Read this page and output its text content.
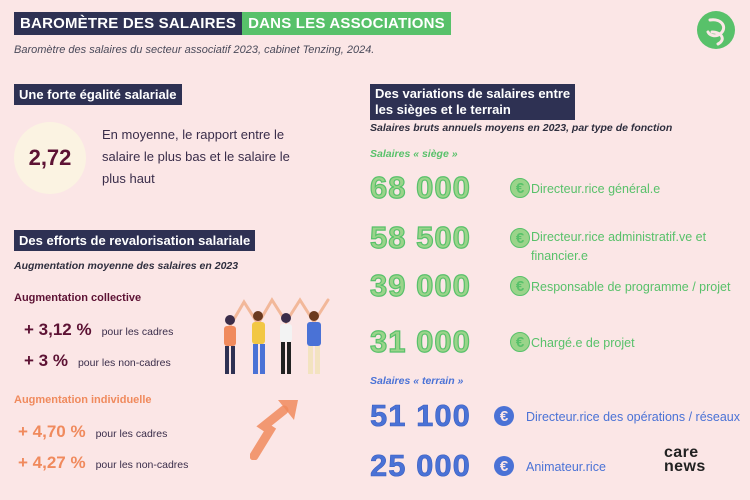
BAROMÈTRE DES SALAIRES DANS LES ASSOCIATIONS
Baromètre des salaires du secteur associatif 2023, cabinet Tenzing, 2024.
Une forte égalité salariale
2,72
En moyenne, le rapport entre le salaire le plus bas et le salaire le plus haut
Des efforts de revalorisation salariale
Augmentation moyenne des salaires en 2023
Augmentation collective
+ 3,12 % pour les cadres
+ 3 % pour les non-cadres
Augmentation individuelle
+ 4,70 % pour les cadres
+ 4,27 % pour les non-cadres
Des variations de salaires entre
les sièges et le terrain
Salaires bruts annuels moyens en 2023, par type de fonction
Salaires « siège »
68 000	€ Directeur.rice général.e
58 500	€ Directeur.rice administratif.ve et financier.e
39 000	€ Responsable de programme / projet
31 000	€ Chargé.e de projet
Salaires « terrain »
51 100	€	Directeur.rice des opérations / réseaux
25 000	€	Animateur.rice
care
news
